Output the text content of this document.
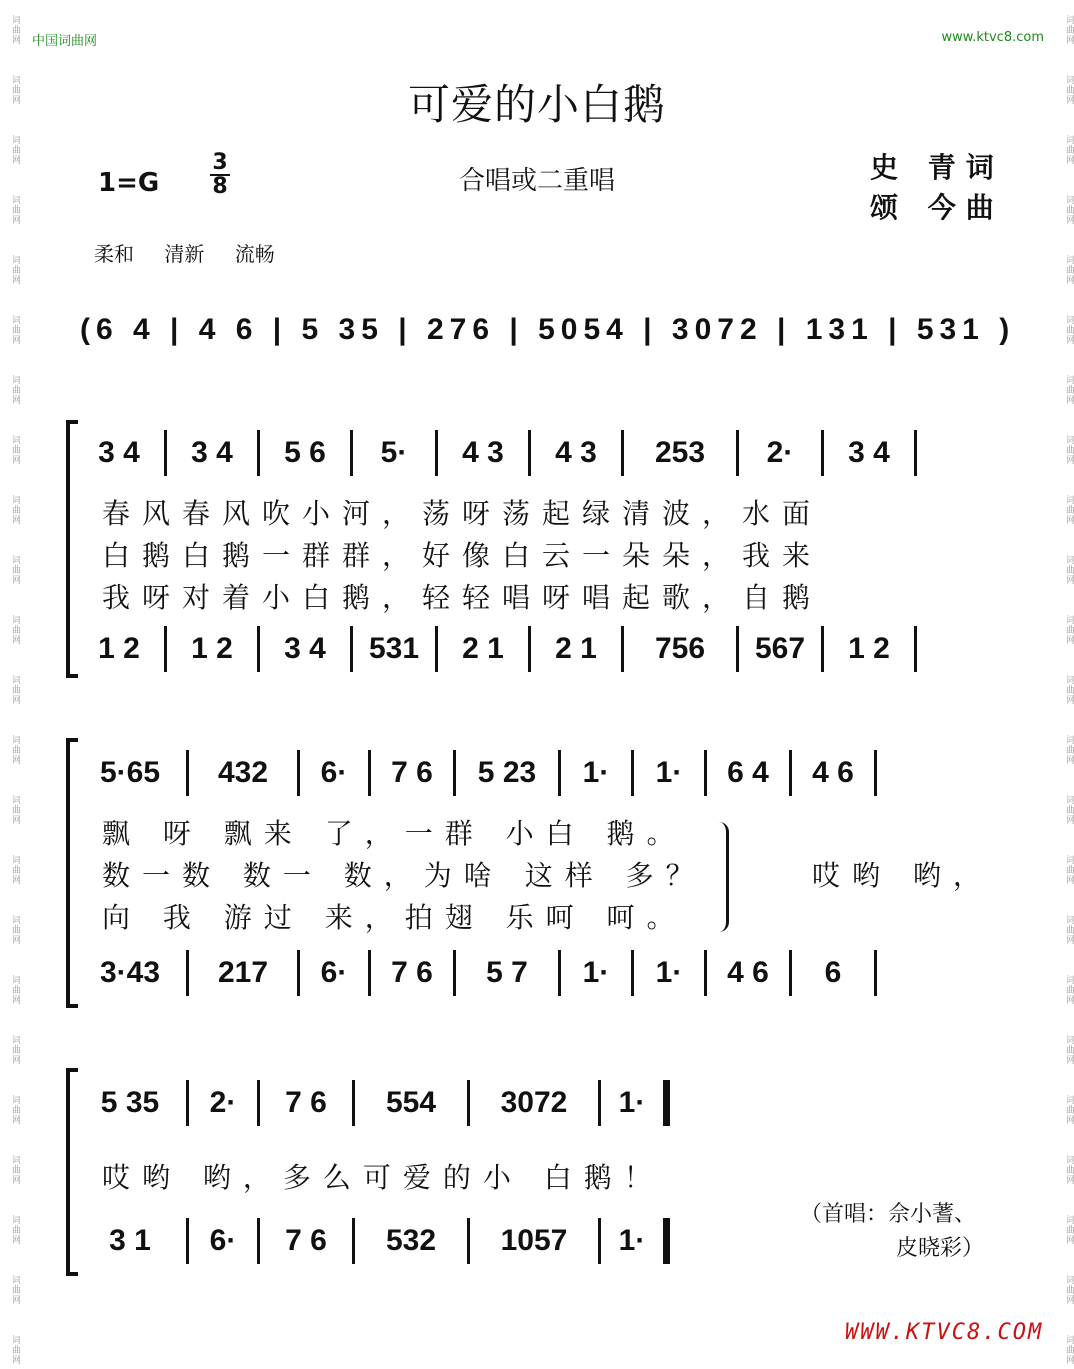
词曲网
词曲网
词曲网
词曲网
词曲网
词曲网
词曲网
词曲网
词曲网
词曲网
词曲网
词曲网
词曲网
词曲网
词曲网
词曲网
词曲网
词曲网
词曲网
词曲网
词曲网
词曲网
词曲网
词曲网
词曲网
词曲网
词曲网
词曲网
词曲网
词曲网
词曲网
词曲网
词曲网
词曲网
词曲网
词曲网
词曲网
词曲网
词曲网
词曲网
词曲网
词曲网
词曲网
词曲网
词曲网
词曲网
中国词曲网	www.ktvc8.com
可爱的小白鹅
1=G
3
8	合唱或二重唱	史 青词
颂 今曲
柔和 清新 流畅
(6 4 | 4 6 | 5 35 | 276 | 5054 | 3072 | 131 | 531 )
3 4	3 4	5 6	5·	4 3	4 3	253	2·	3 4
春风春风吹小河，荡呀荡起绿清波，水面
白鹅白鹅一群群，好像白云一朵朵，我来
我呀对着小白鹅，轻轻唱呀唱起歌，自鹅
1 2	1 2	3 4	531	2 1	2 1	756	567	1 2
5·65	432	6·	7 6	5 23	1·	1·	6 4	4 6
飘 呀 飘来 了，一群 小白 鹅。
数一数 数一 数，为啥 这样 多？
向 我 游过 来，拍翅 乐呵 呵。
哎哟 哟，
3·43	217	6·	7 6	5 7	1·	1·	4 6	6
5 35	2·	7 6	554	3072	1·
哎哟 哟，多么可爱的小 白鹅！
3 1	6·	7 6	532	1057	1·
（首唱：佘小蓍、
皮晓彩）
WWW.KTVC8.COM
